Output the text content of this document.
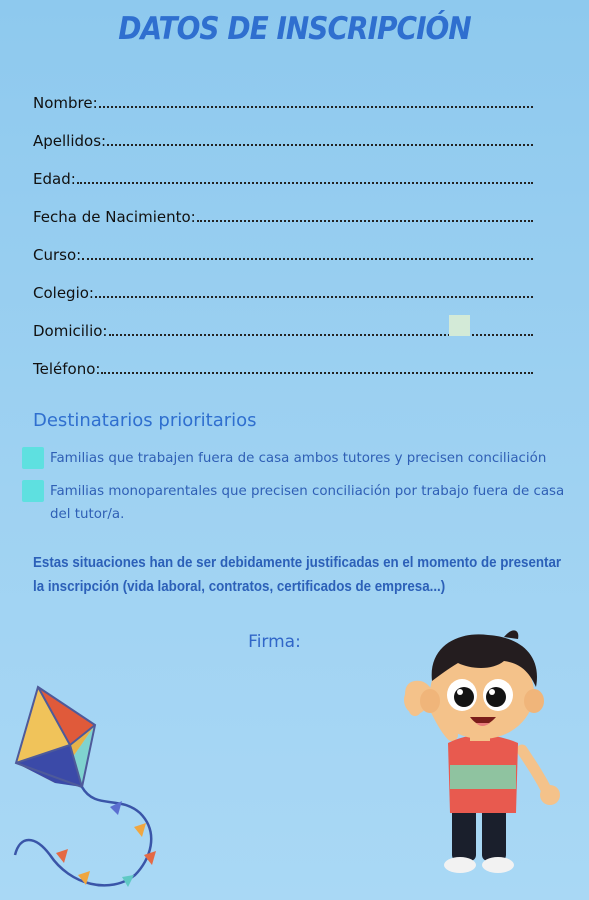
DATOS DE INSCRIPCIÓN
Nombre:
Apellidos:
Edad:
Fecha de Nacimiento:
Curso:
Colegio:
Domicilio:
Teléfono:
Destinatarios prioritarios
Familias que trabajen fuera de casa ambos tutores y precisen conciliación
Familias monoparentales que precisen conciliación por trabajo fuera de casa del tutor/a.
Estas situaciones han de ser debidamente justificadas en el momento de presentar la inscripción (vida laboral, contratos, certificados de empresa...)
Firma:
